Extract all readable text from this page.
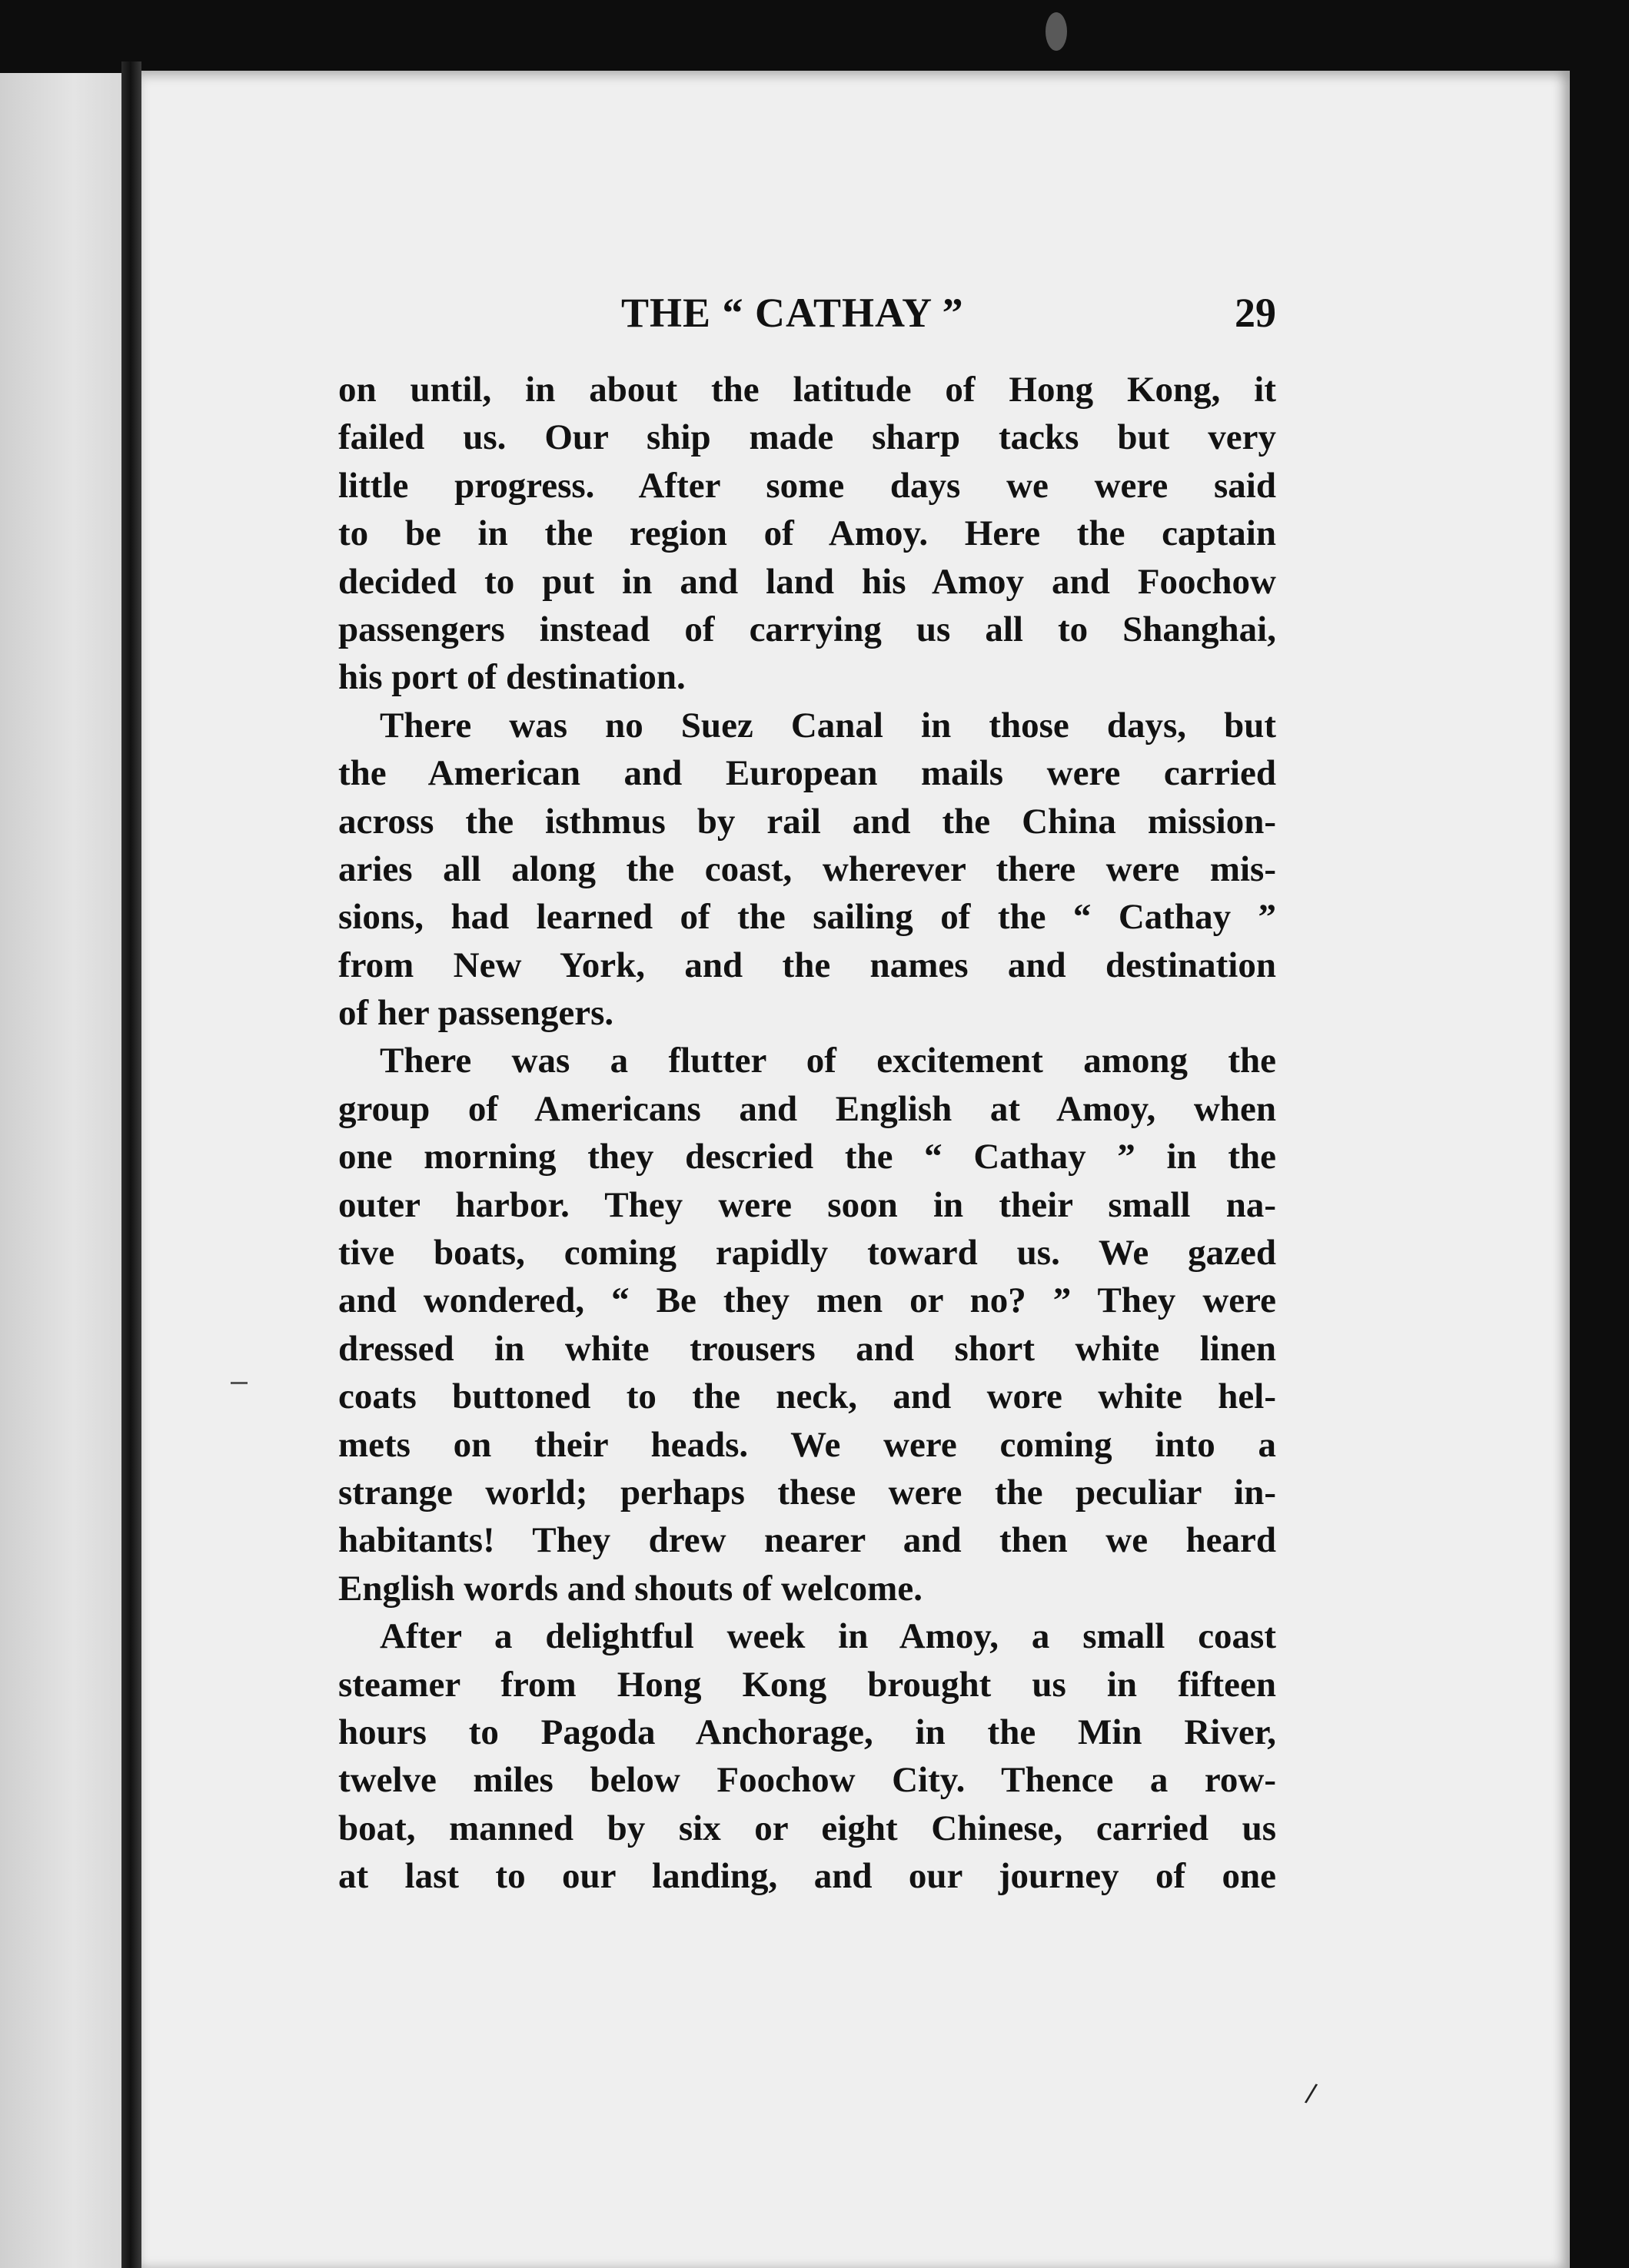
THE “ CATHAY ”	29
on until, in about the latitude of Hong Kong, it
failed us. Our ship made sharp tacks but very
little progress. After some days we were said
to be in the region of Amoy. Here the captain
decided to put in and land his Amoy and Foochow
passengers instead of carrying us all to Shanghai,
his port of destination.
There was no Suez Canal in those days, but
the American and European mails were carried
across the isthmus by rail and the China mission-
aries all along the coast, wherever there were mis-
sions, had learned of the sailing of the “ Cathay ”
from New York, and the names and destination
of her passengers.
There was a flutter of excitement among the
group of Americans and English at Amoy, when
one morning they descried the “ Cathay ” in the
outer harbor. They were soon in their small na-
tive boats, coming rapidly toward us. We gazed
and wondered, “ Be they men or no? ” They were
dressed in white trousers and short white linen
coats buttoned to the neck, and wore white hel-
mets on their heads. We were coming into a
strange world; perhaps these were the peculiar in-
habitants! They drew nearer and then we heard
English words and shouts of welcome.
After a delightful week in Amoy, a small coast
steamer from Hong Kong brought us in fifteen
hours to Pagoda Anchorage, in the Min River,
twelve miles below Foochow City. Thence a row-
boat, manned by six or eight Chinese, carried us
at last to our landing, and our journey of one
/
